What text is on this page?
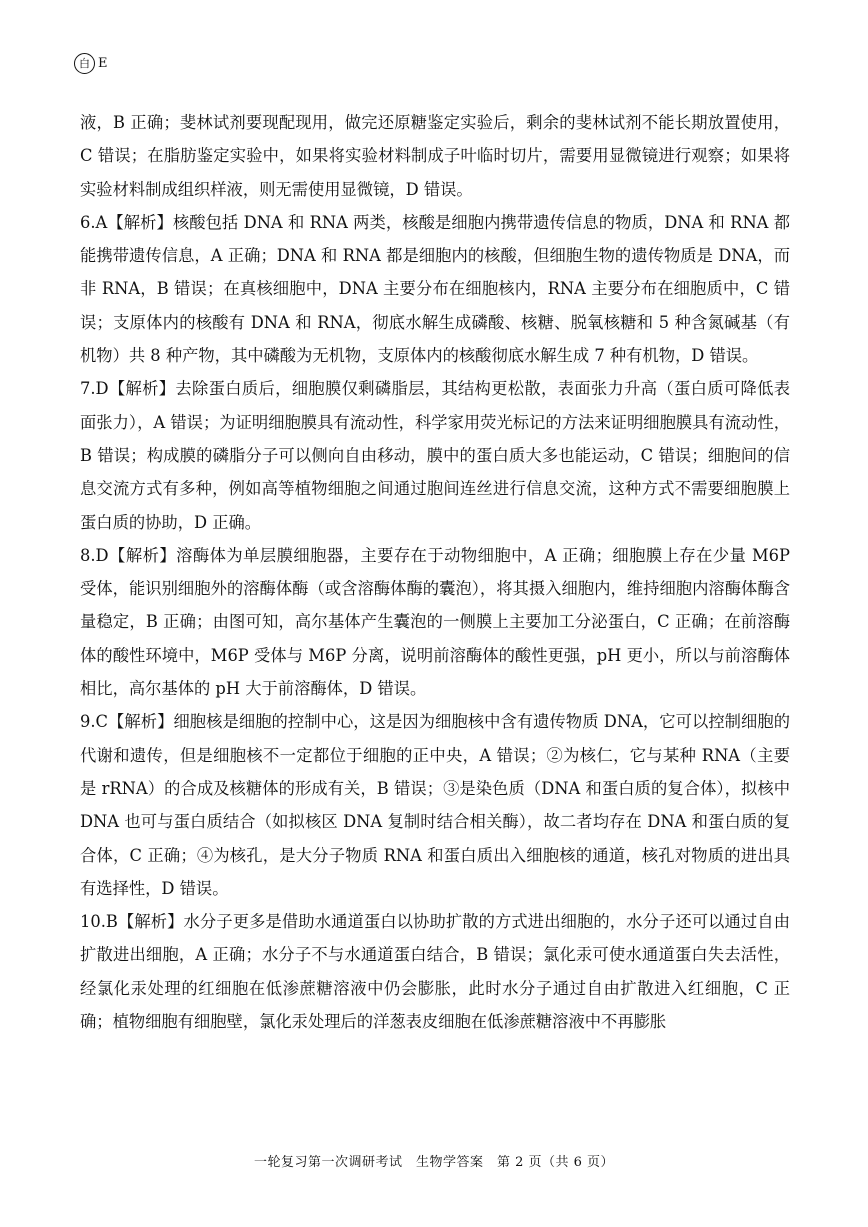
白 E

液，B 正确；斐林试剂要现配现用，做完还原糖鉴定实验后，剩余的斐林试剂不能长期放置使用，C 错误；在脂肪鉴定实验中，如果将实验材料制成子叶临时切片，需要用显微镜进行观察；如果将实验材料制成组织样液，则无需使用显微镜，D 错误。

6.A【解析】核酸包括 DNA 和 RNA 两类，核酸是细胞内携带遗传信息的物质，DNA 和 RNA 都能携带遗传信息，A 正确；DNA 和 RNA 都是细胞内的核酸，但细胞生物的遗传物质是 DNA，而非 RNA，B 错误；在真核细胞中，DNA 主要分布在细胞核内，RNA 主要分布在细胞质中，C 错误；支原体内的核酸有 DNA 和 RNA，彻底水解生成磷酸、核糖、脱氧核糖和 5 种含氮碱基（有机物）共 8 种产物，其中磷酸为无机物，支原体内的核酸彻底水解生成 7 种有机物，D 错误。

7.D【解析】去除蛋白质后，细胞膜仅剩磷脂层，其结构更松散，表面张力升高（蛋白质可降低表面张力），A 错误；为证明细胞膜具有流动性，科学家用荧光标记的方法来证明细胞膜具有流动性，B 错误；构成膜的磷脂分子可以侧向自由移动，膜中的蛋白质大多也能运动，C 错误；细胞间的信息交流方式有多种，例如高等植物细胞之间通过胞间连丝进行信息交流，这种方式不需要细胞膜上蛋白质的协助，D 正确。

8.D【解析】溶酶体为单层膜细胞器，主要存在于动物细胞中，A 正确；细胞膜上存在少量 M6P 受体，能识别细胞外的溶酶体酶（或含溶酶体酶的囊泡），将其摄入细胞内，维持细胞内溶酶体酶含量稳定，B 正确；由图可知，高尔基体产生囊泡的一侧膜上主要加工分泌蛋白，C 正确；在前溶酶体的酸性环境中，M6P 受体与 M6P 分离，说明前溶酶体的酸性更强，pH 更小，所以与前溶酶体相比，高尔基体的 pH 大于前溶酶体，D 错误。

9.C【解析】细胞核是细胞的控制中心，这是因为细胞核中含有遗传物质 DNA，它可以控制细胞的代谢和遗传，但是细胞核不一定都位于细胞的正中央，A 错误；②为核仁，它与某种 RNA（主要是 rRNA）的合成及核糖体的形成有关，B 错误；③是染色质（DNA 和蛋白质的复合体），拟核中 DNA 也可与蛋白质结合（如拟核区 DNA 复制时结合相关酶），故二者均存在 DNA 和蛋白质的复合体，C 正确；④为核孔，是大分子物质 RNA 和蛋白质出入细胞核的通道，核孔对物质的进出具有选择性，D 错误。

10.B【解析】水分子更多是借助水通道蛋白以协助扩散的方式进出细胞的，水分子还可以通过自由扩散进出细胞，A 正确；水分子不与水通道蛋白结合，B 错误；氯化汞可使水通道蛋白失去活性，经氯化汞处理的红细胞在低渗蔗糖溶液中仍会膨胀，此时水分子通过自由扩散进入红细胞，C 正确；植物细胞有细胞壁，氯化汞处理后的洋葱表皮细胞在低渗蔗糖溶液中不再膨胀

一轮复习第一次调研考试　生物学答案　第 2 页（共 6 页）
